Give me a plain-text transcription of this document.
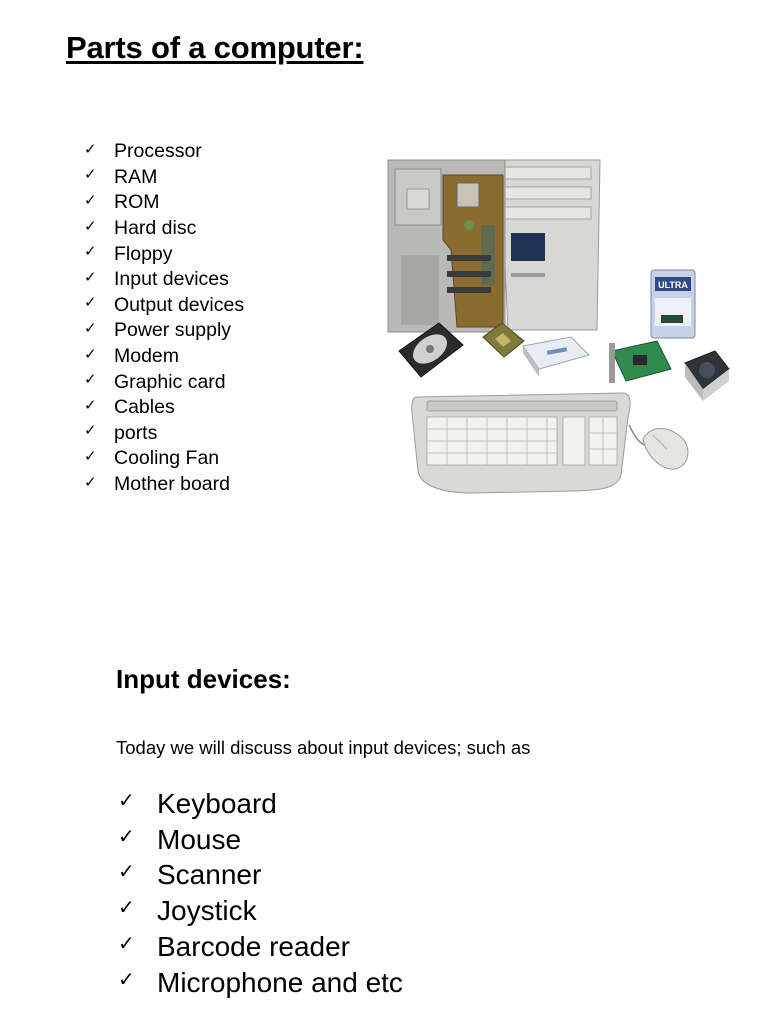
Parts of a computer:
✓ Processor
✓ RAM
✓ ROM
✓ Hard disc
✓ Floppy
✓ Input devices
✓ Output devices
✓ Power supply
✓ Modem
✓ Graphic card
✓ Cables
✓ ports
✓ Cooling Fan
✓ Mother board
ULTRA
Input devices:

Today we will discuss about input devices; such as

✓ Keyboard
✓ Mouse
✓ Scanner
✓ Joystick
✓ Barcode reader
✓ Microphone and etc
